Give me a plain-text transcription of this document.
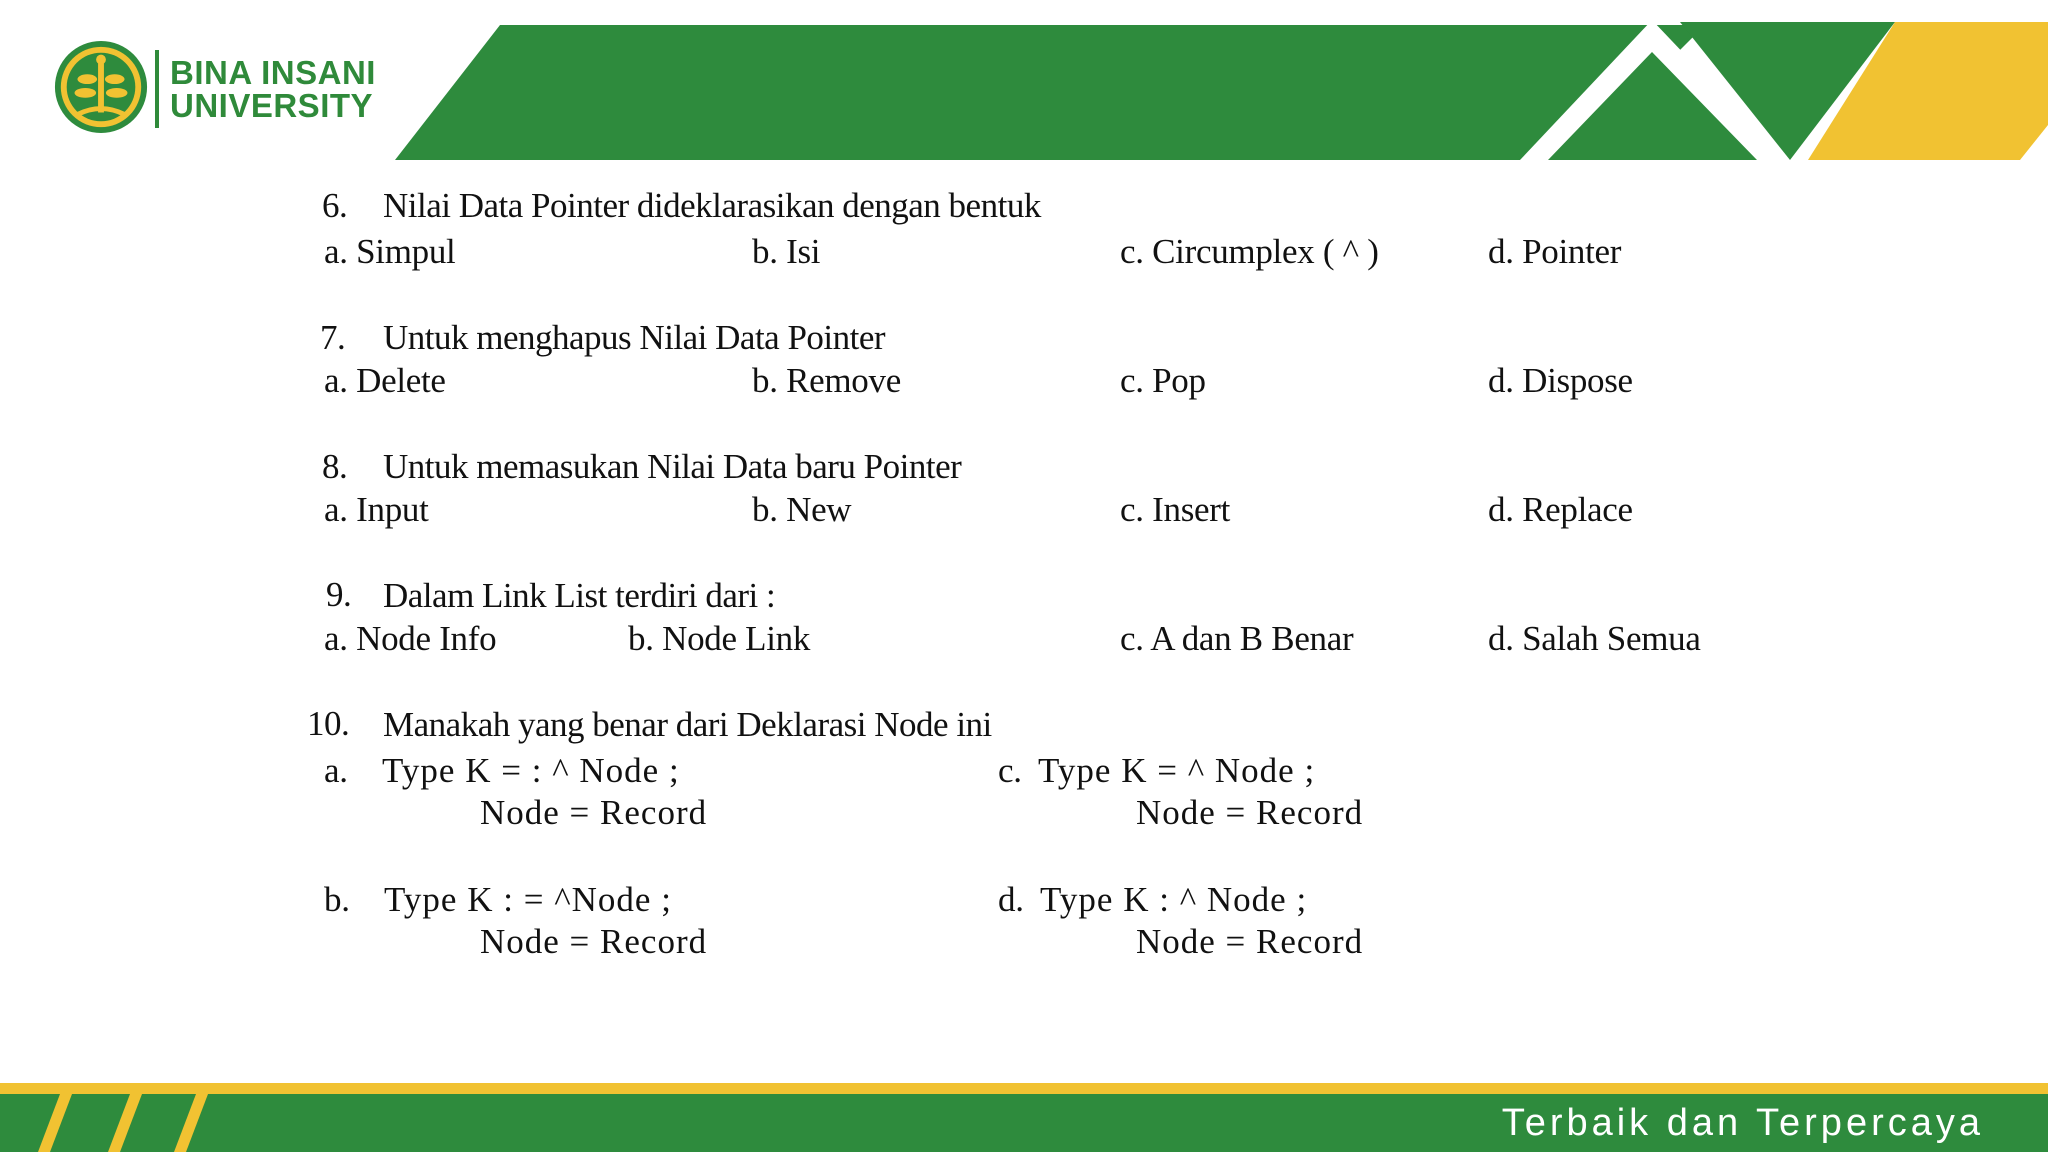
BINA INSANI
UNIVERSITY
6. Nilai Data Pointer dideklarasikan dengan bentuk
a. Simpul	b. Isi	c. Circumplex ( ^ )	d. Pointer
7. Untuk menghapus Nilai Data Pointer
a. Delete	b. Remove	c. Pop	d. Dispose
8. Untuk memasukan Nilai Data baru Pointer
a. Input	b. New	c. Insert	d. Replace
9. Dalam Link List terdiri dari :
a. Node Info	b. Node Link	c. A dan B Benar	d. Salah Semua
10. Manakah yang benar dari Deklarasi Node ini
a. Type K = : ^ Node ;
Node = Record
b. Type K : = ^Node ;
Node = Record
c. Type K = ^ Node ;
Node = Record
d. Type K : ^ Node ;
Node = Record
Terbaik dan Terpercaya
